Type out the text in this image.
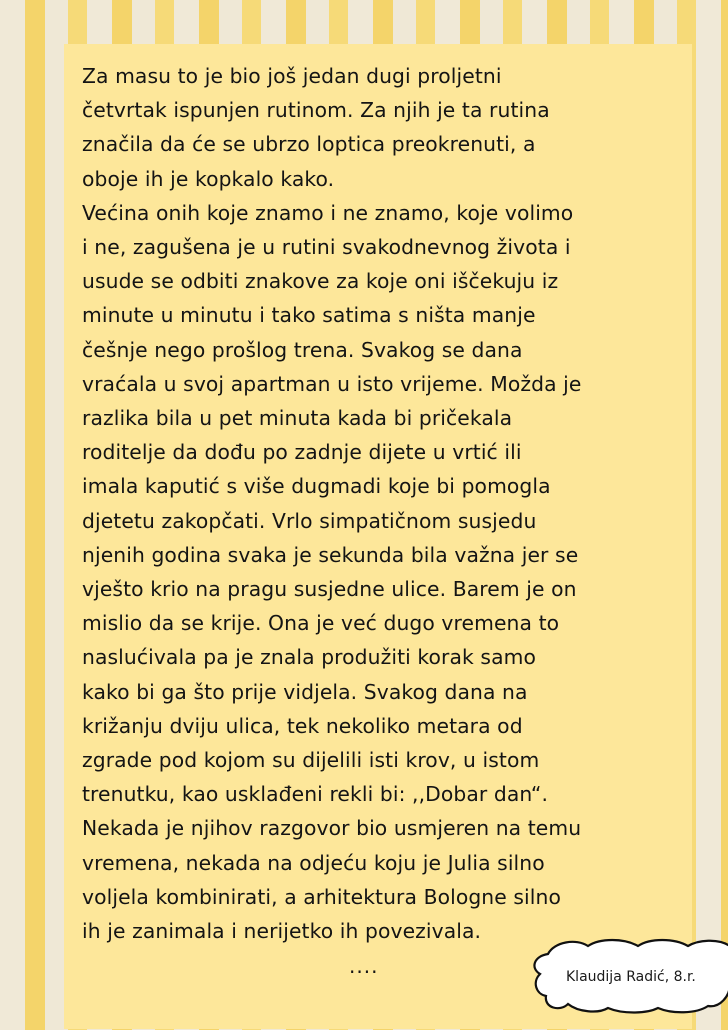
Za masu to je bio još jedan dugi proljetni
četvrtak ispunjen rutinom. Za njih je ta rutina
značila da će se ubrzo loptica preokrenuti, a
oboje ih je kopkalo kako.
Većina onih koje znamo i ne znamo, koje volimo
i ne, zagušena je u rutini svakodnevnog života i
usude se odbiti znakove za koje oni iščekuju iz
minute u minutu i tako satima s ništa manje
češnje nego prošlog trena. Svakog se dana
vraćala u svoj apartman u isto vrijeme. Možda je
razlika bila u pet minuta kada bi pričekala
roditelje da dođu po zadnje dijete u vrtić ili
imala kaputić s više dugmadi koje bi pomogla
djetetu zakopčati. Vrlo simpatičnom susjedu
njenih godina svaka je sekunda bila važna jer se
vješto krio na pragu susjedne ulice. Barem je on
mislio da se krije. Ona je već dugo vremena to
naslućivala pa je znala produžiti korak samo
kako bi ga što prije vidjela. Svakog dana na
križanju dviju ulica, tek nekoliko metara od
zgrade pod kojom su dijelili isti krov, u istom
trenutku, kao usklađeni rekli bi: ,,Dobar dan“.
Nekada je njihov razgovor bio usmjeren na temu
vremena, nekada na odjeću koju je Julia silno
voljela kombinirati, a arhitektura Bologne silno
ih je zanimala i nerijetko ih povezivala.
....	Klaudija Radić, 8.r.
